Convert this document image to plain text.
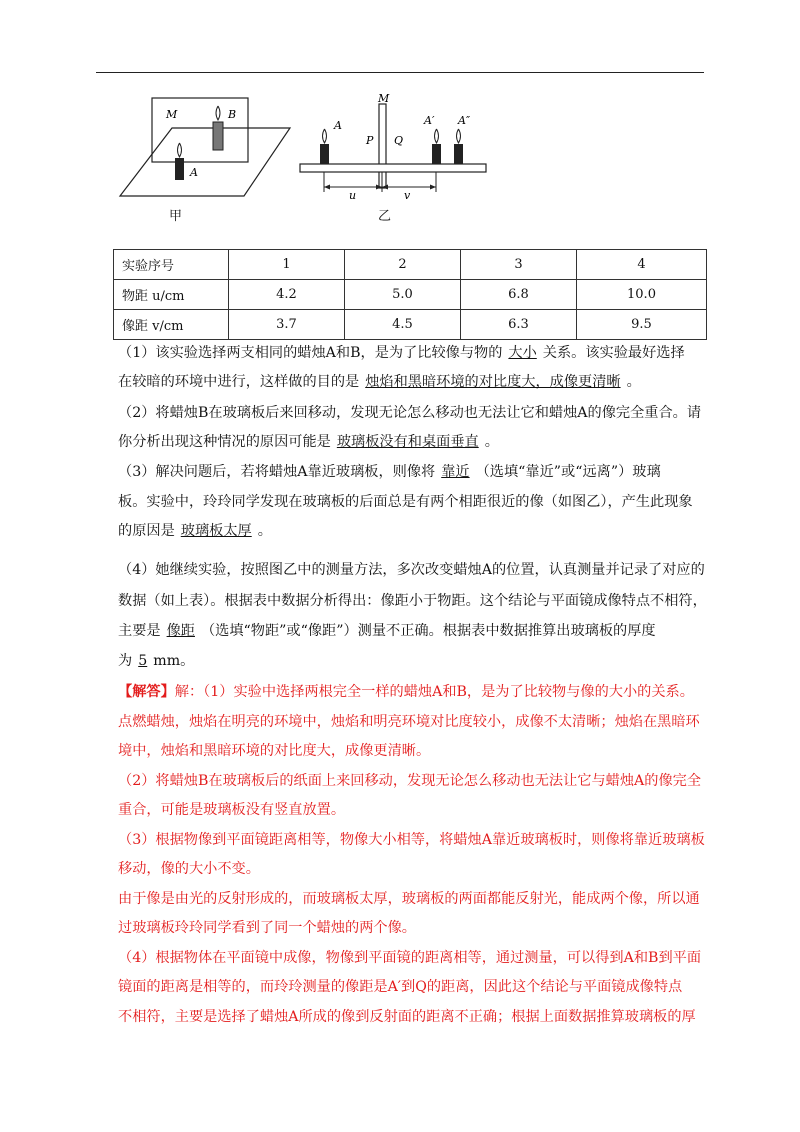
M	B
A
甲
M
A
P Q
A′ A″
u	v
乙
实验序号	1	2	3	4
物距 u/cm	4.2	5.0	6.8	10.0
像距 v/cm	3.7	4.5	6.3	9.5
（1）该实验选择两支相同的蜡烛A和B，是为了比较像与物的 大小 关系。该实验最好选择
在较暗的环境中进行，这样做的目的是 烛焰和黑暗环境的对比度大，成像更清晰 。
（2）将蜡烛B在玻璃板后来回移动，发现无论怎么移动也无法让它和蜡烛A的像完全重合。请
你分析出现这种情况的原因可能是 玻璃板没有和桌面垂直 。
（3）解决问题后，若将蜡烛A靠近玻璃板，则像将 靠近 （选填“靠近”或“远离”）玻璃
板。实验中，玲玲同学发现在玻璃板的后面总是有两个相距很近的像（如图乙），产生此现象
的原因是 玻璃板太厚 。
（4）她继续实验，按照图乙中的测量方法，多次改变蜡烛A的位置，认真测量并记录了对应的
数据（如上表）。根据表中数据分析得出：像距小于物距。这个结论与平面镜成像特点不相符，
主要是 像距 （选填“物距”或“像距”）测量不正确。根据表中数据推算出玻璃板的厚度
为 5 mm。
【解答】解：（1）实验中选择两根完全一样的蜡烛A和B，是为了比较物与像的大小的关系。
点燃蜡烛，烛焰在明亮的环境中，烛焰和明亮环境对比度较小，成像不太清晰；烛焰在黑暗环
境中，烛焰和黑暗环境的对比度大，成像更清晰。
（2）将蜡烛B在玻璃板后的纸面上来回移动，发现无论怎么移动也无法让它与蜡烛A的像完全
重合，可能是玻璃板没有竖直放置。
（3）根据物像到平面镜距离相等，物像大小相等，将蜡烛A靠近玻璃板时，则像将靠近玻璃板
移动，像的大小不变。
由于像是由光的反射形成的，而玻璃板太厚，玻璃板的两面都能反射光，能成两个像，所以通
过玻璃板玲玲同学看到了同一个蜡烛的两个像。
（4）根据物体在平面镜中成像，物像到平面镜的距离相等，通过测量，可以得到A和B到平面
镜面的距离是相等的，而玲玲测量的像距是A′到Q的距离，因此这个结论与平面镜成像特点
不相符，主要是选择了蜡烛A所成的像到反射面的距离不正确；根据上面数据推算玻璃板的厚
